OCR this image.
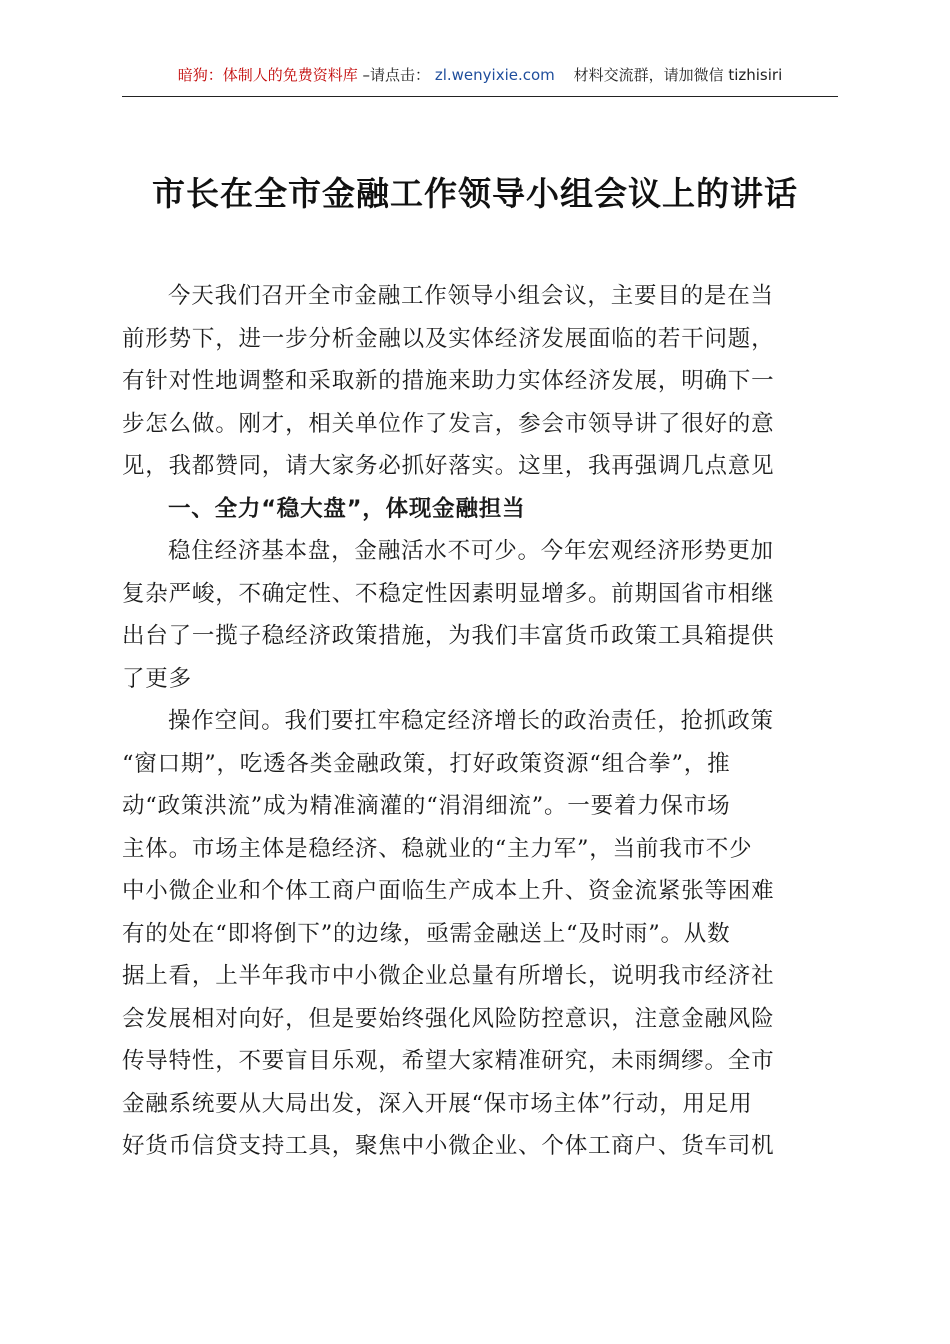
暗狗：体制人的免费资料库 –请点击： zl.wenyixie.com 材料交流群，请加微信 tizhisiri
市长在全市金融工作领导小组会议上的讲话
今天我们召开全市金融工作领导小组会议，主要目的是在当
前形势下，进一步分析金融以及实体经济发展面临的若干问题，
有针对性地调整和采取新的措施来助力实体经济发展，明确下一
步怎么做。刚才，相关单位作了发言，参会市领导讲了很好的意
见，我都赞同，请大家务必抓好落实。这里，我再强调几点意见
一、全力“稳大盘”，体现金融担当
稳住经济基本盘，金融活水不可少。今年宏观经济形势更加
复杂严峻，不确定性、不稳定性因素明显增多。前期国省市相继
出台了一揽子稳经济政策措施，为我们丰富货币政策工具箱提供
了更多
操作空间。我们要扛牢稳定经济增长的政治责任，抢抓政策
“窗口期”，吃透各类金融政策，打好政策资源“组合拳”，推
动“政策洪流”成为精准滴灌的“涓涓细流”。一要着力保市场
主体。市场主体是稳经济、稳就业的“主力军”，当前我市不少
中小微企业和个体工商户面临生产成本上升、资金流紧张等困难
有的处在“即将倒下”的边缘，亟需金融送上“及时雨”。从数
据上看，上半年我市中小微企业总量有所增长，说明我市经济社
会发展相对向好，但是要始终强化风险防控意识，注意金融风险
传导特性，不要盲目乐观，希望大家精准研究，未雨绸缪。全市
金融系统要从大局出发，深入开展“保市场主体”行动，用足用
好货币信贷支持工具，聚焦中小微企业、个体工商户、货车司机
